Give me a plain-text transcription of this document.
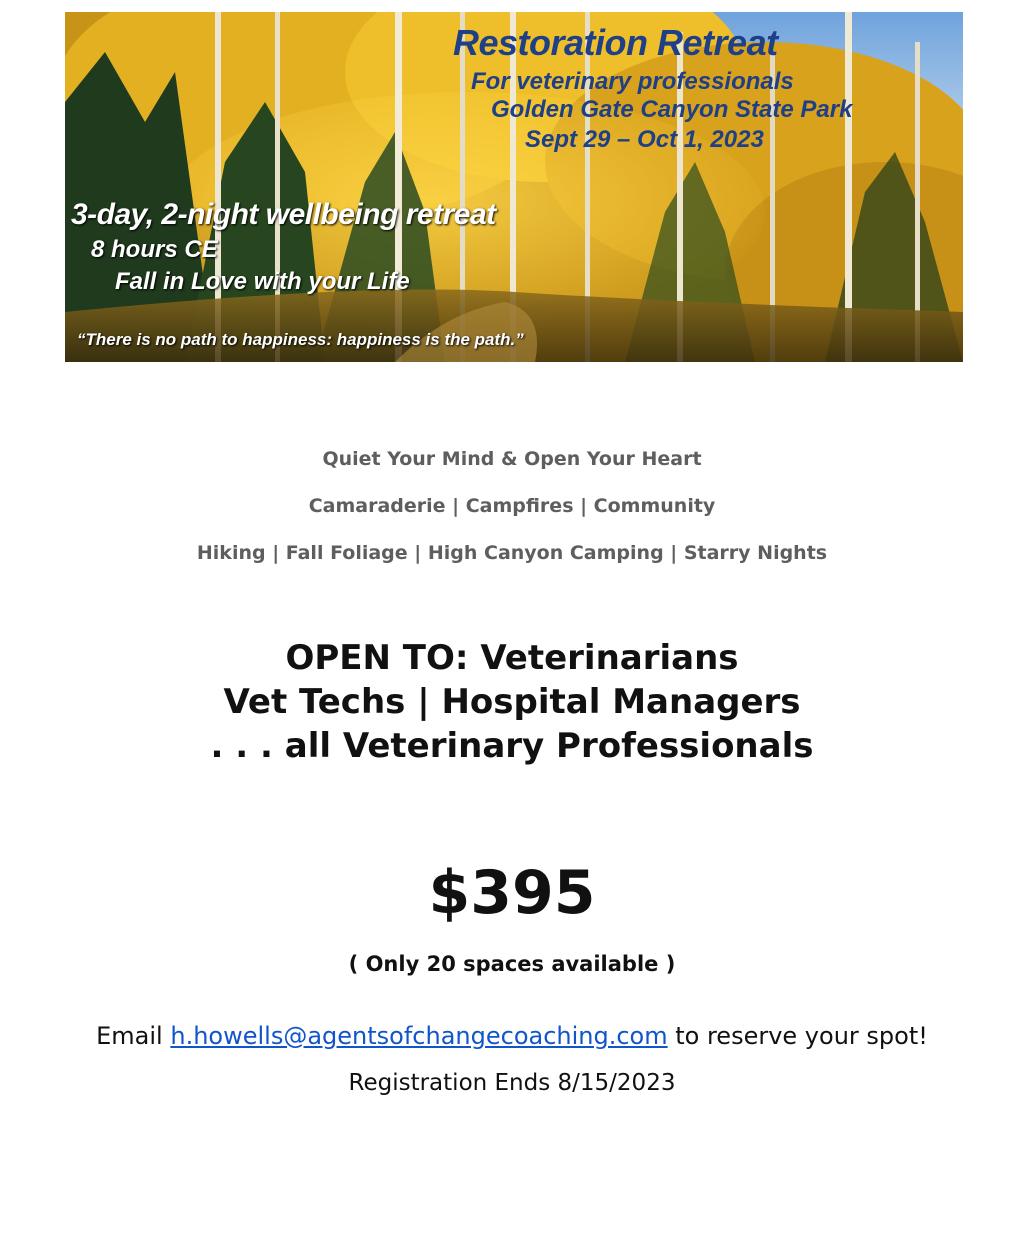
Restoration Retreat

For veterinary professionals

Golden Gate Canyon State Park

Sept 29 – Oct 1, 2023

3-day, 2-night wellbeing retreat

8 hours CE

Fall in Love with your Life

“There is no path to happiness: happiness is the path.”

Quiet Your Mind & Open Your Heart

Camaraderie | Campfires | Community

Hiking | Fall Foliage | High Canyon Camping | Starry Nights

OPEN TO: Veterinarians
Vet Techs | Hospital Managers
. . . all Veterinary Professionals

$395

( Only 20 spaces available )

Email h.howells@agentsofchangecoaching.com to reserve your spot!

Registration Ends 8/15/2023
